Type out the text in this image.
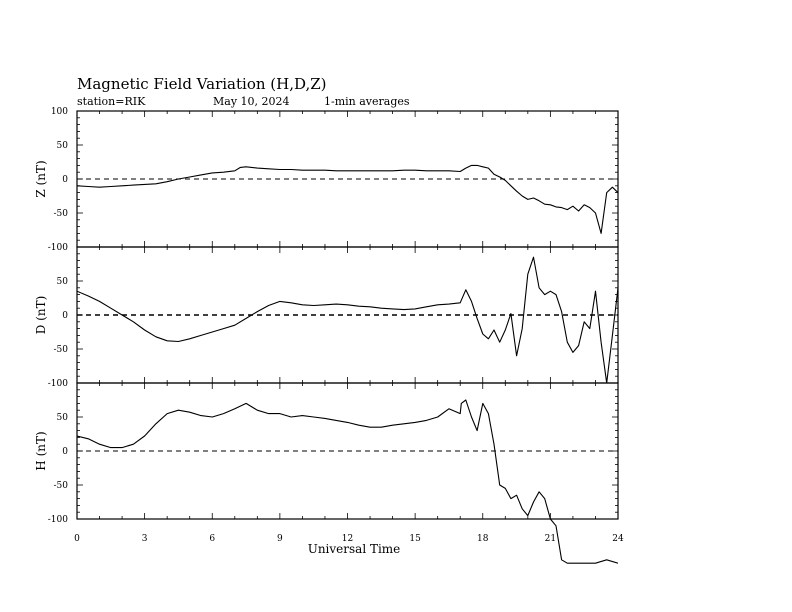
Magnetic Field Variation (H,D,Z)
station=RIK	May 10, 2024	1-min averages
100
50
0
-50
-100
Z (nT)
50
0
-50
-100
D (nT)
50
0
-50
-100
H (nT)
0	3	6	9	12	15	18	21	24
Universal Time
